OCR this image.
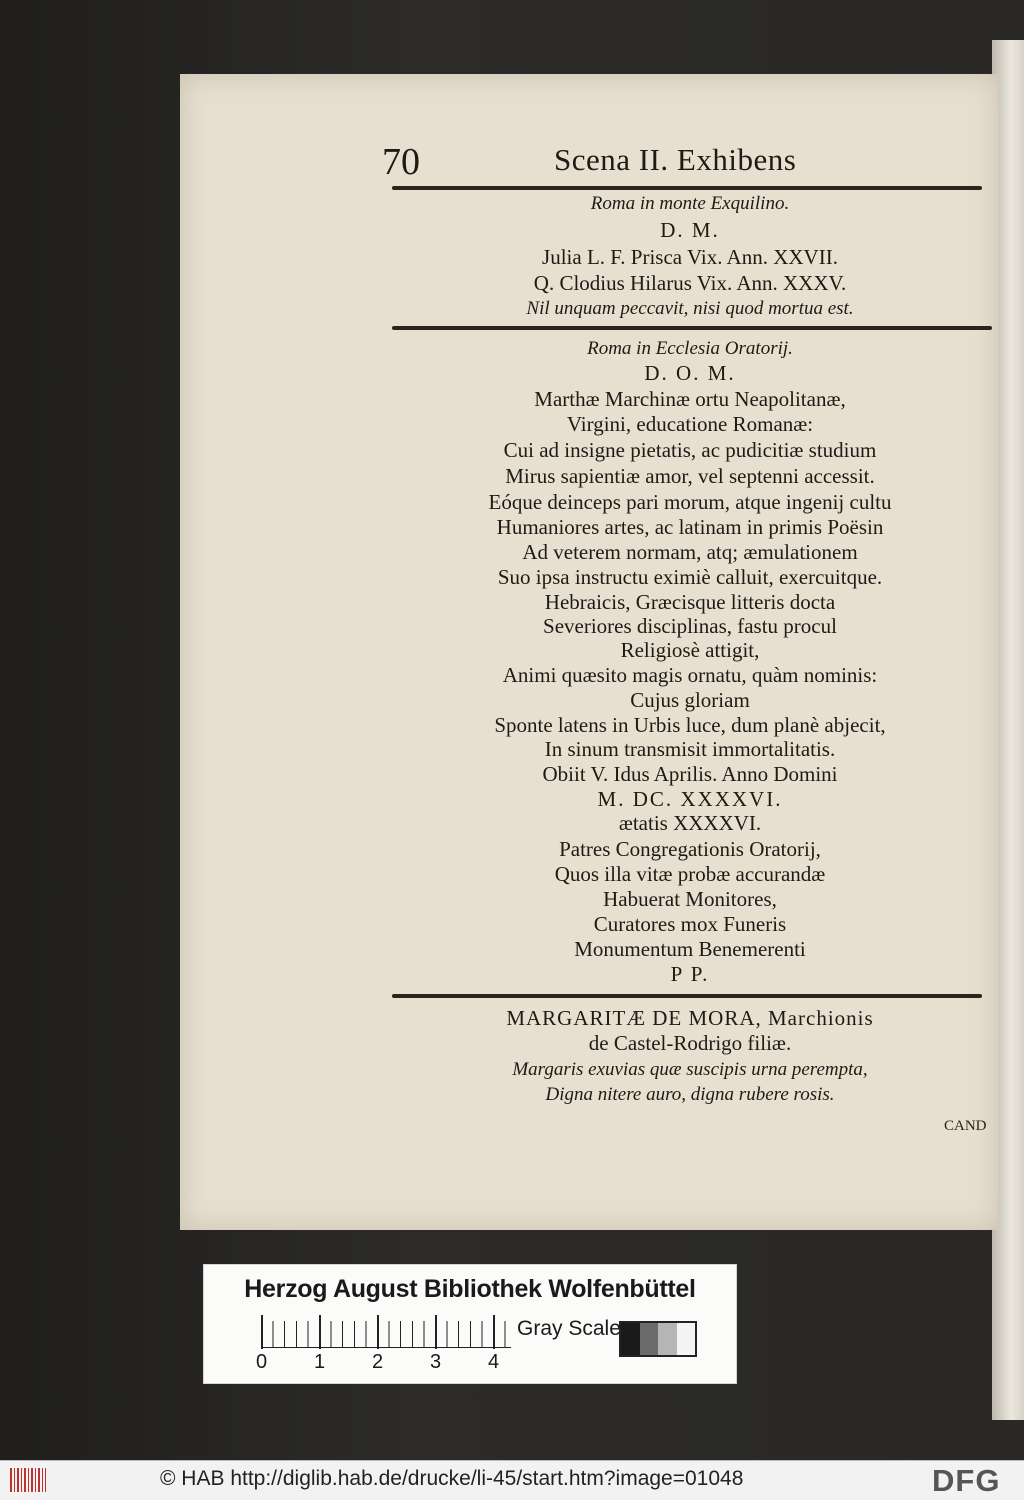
70	Scena II. Exhibens
Roma in monte Exquilino.
D. M.
Julia L. F. Prisca Vix. Ann. XXVII.
Q. Clodius Hilarus Vix. Ann. XXXV.
Nil unquam peccavit, nisi quod mortua est.
Roma in Ecclesia Oratorij.
D. O. M.
Marthæ Marchinæ ortu Neapolitanæ,
Virgini, educatione Romanæ:
Cui ad insigne pietatis, ac pudicitiæ studium
Mirus sapientiæ amor, vel septenni accessit.
Eóque deinceps pari morum, atque ingenij cultu
Humaniores artes, ac latinam in primis Poësin
Ad veterem normam, atq; æmulationem
Suo ipsa instructu eximiè calluit, exercuitque.
Hebraicis, Græcisque litteris docta
Severiores disciplinas, fastu procul
Religiosè attigit,
Animi quæsito magis ornatu, quàm nominis:
Cujus gloriam
Sponte latens in Urbis luce, dum planè abjecit,
In sinum transmisit immortalitatis.
Obiit V. Idus Aprilis. Anno Domini
M. DC. XXXXVI.
ætatis XXXXVI.
Patres Congregationis Oratorij,
Quos illa vitæ probæ accurandæ
Habuerat Monitores,
Curatores mox Funeris
Monumentum Benemerenti
P P.
MARGARITÆ DE MORA, Marchionis
de Castel-Rodrigo filiæ.
Margaris exuvias quæ suscipis urna perempta,
Digna nitere auro, digna rubere rosis.
CAND
Herzog August Bibliothek Wolfenbüttel
0 1 2 3 4
Gray Scale
© HAB http://diglib.hab.de/drucke/li-45/start.htm?image=01048	DFG
